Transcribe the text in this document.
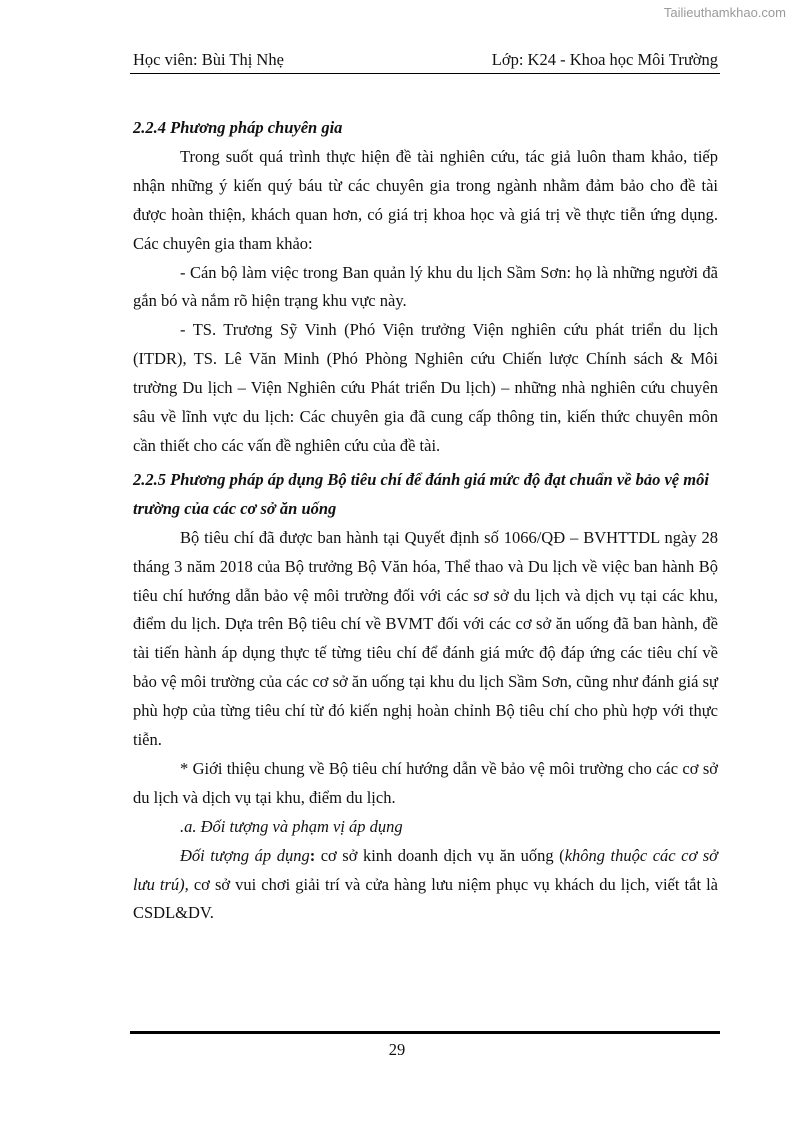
Tailieuthamkhao.com
Học viên: Bùi Thị Nhẹ	Lớp: K24 - Khoa học Môi Trường

2.2.4 Phương pháp chuyên gia

Trong suốt quá trình thực hiện đề tài nghiên cứu, tác giả luôn tham khảo, tiếp nhận những ý kiến quý báu từ các chuyên gia trong ngành nhằm đảm bảo cho đề tài được hoàn thiện, khách quan hơn, có giá trị khoa học và giá trị về thực tiễn ứng dụng. Các chuyên gia tham khảo:

- Cán bộ làm việc trong Ban quản lý khu du lịch Sầm Sơn: họ là những người đã gắn bó và nắm rõ hiện trạng khu vực này.

- TS. Trương Sỹ Vinh (Phó Viện trưởng Viện nghiên cứu phát triển du lịch (ITDR), TS. Lê Văn Minh (Phó Phòng Nghiên cứu Chiến lược Chính sách & Môi trường Du lịch – Viện Nghiên cứu Phát triển Du lịch) – những nhà nghiên cứu chuyên sâu về lĩnh vực du lịch: Các chuyên gia đã cung cấp thông tin, kiến thức chuyên môn cần thiết cho các vấn đề nghiên cứu của đề tài.

2.2.5 Phương pháp áp dụng Bộ tiêu chí để đánh giá mức độ đạt chuẩn về bảo vệ môi trường của các cơ sở ăn uống

Bộ tiêu chí đã được ban hành tại Quyết định số 1066/QĐ – BVHTTDL ngày 28 tháng 3 năm 2018 của Bộ trưởng Bộ Văn hóa, Thể thao và Du lịch về việc ban hành Bộ tiêu chí hướng dẫn bảo vệ môi trường đối với các sơ sở du lịch và dịch vụ tại các khu, điểm du lịch. Dựa trên Bộ tiêu chí về BVMT đối với các cơ sở ăn uống đã ban hành, đề tài tiến hành áp dụng thực tế từng tiêu chí để đánh giá mức độ đáp ứng các tiêu chí về bảo vệ môi trường của các cơ sở ăn uống tại khu du lịch Sầm Sơn, cũng như đánh giá sự phù hợp của từng tiêu chí từ đó kiến nghị hoàn chỉnh Bộ tiêu chí cho phù hợp với thực tiễn.

* Giới thiệu chung về Bộ tiêu chí hướng dẫn về bảo vệ môi trường cho các cơ sở du lịch và dịch vụ tại khu, điểm du lịch.

.a. Đối tượng và phạm vị áp dụng

Đối tượng áp dụng: cơ sở kinh doanh dịch vụ ăn uống (không thuộc các cơ sở lưu trú), cơ sở vui chơi giải trí và cửa hàng lưu niệm phục vụ khách du lịch, viết tắt là CSDL&DV.

29
